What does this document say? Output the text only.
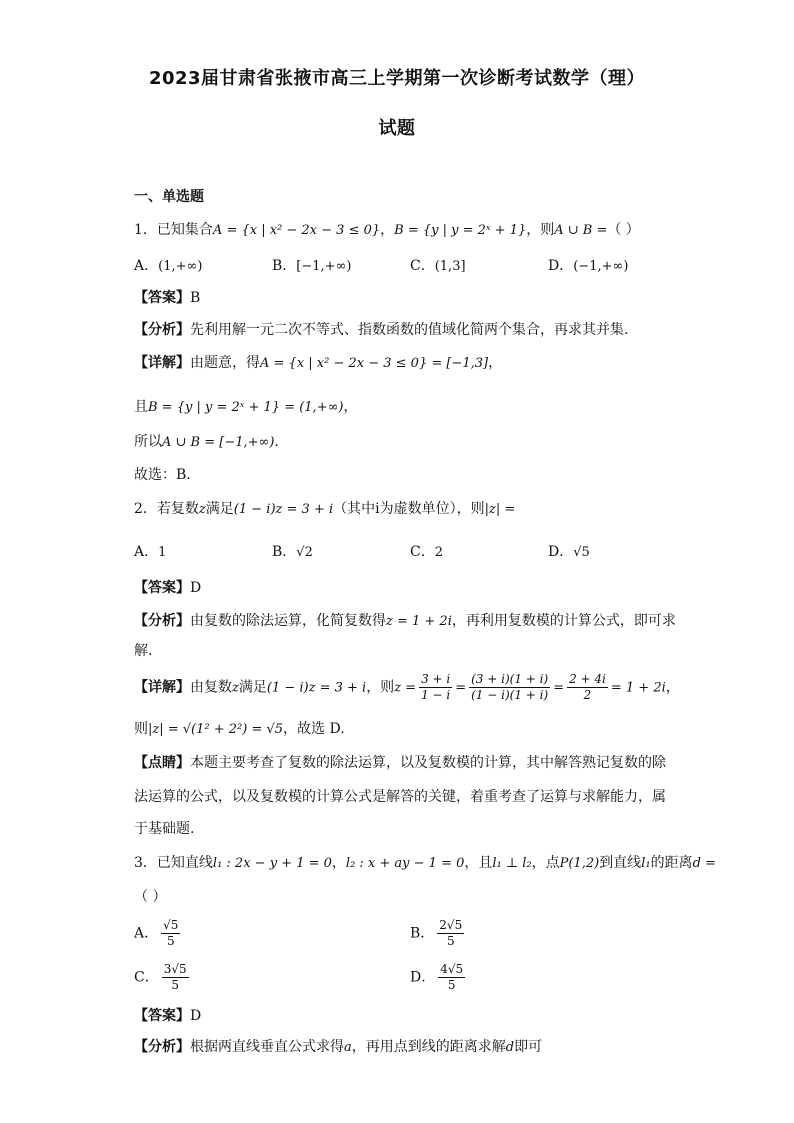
2023届甘肃省张掖市高三上学期第一次诊断考试数学（理）
试题
一、单选题
1．已知集合A = {x | x² − 2x − 3 ≤ 0}，B = {y | y = 2ˣ + 1}，则A ∪ B =（ ）
A．(1,+∞)	B．[−1,+∞)	C．(1,3]	D．(−1,+∞)
【答案】B
【分析】先利用解一元二次不等式、指数函数的值域化简两个集合，再求其并集.
【详解】由题意，得A = {x | x² − 2x − 3 ≤ 0} = [−1,3]，
且B = {y | y = 2ˣ + 1} = (1,+∞)，
所以A ∪ B = [−1,+∞).
故选：B.
2．若复数z满足(1 − i)z = 3 + i（其中i为虚数单位），则|z| =
A．1	B．√2	C．2	D．√5
【答案】D
【分析】由复数的除法运算，化简复数得z = 1 + 2i，再利用复数模的计算公式，即可求
解.
【详解】由复数z满足(1 − i)z = 3 + i，则$z = \frac{3 + i}{1 - i} = \frac{(3 + i)(1 + i)}{(1 - i)(1 + i)} = \frac{2 + 4i}{2} = 1 + 2i$，
则|z| = √(1² + 2²) = √5，故选 D.
【点睛】本题主要考查了复数的除法运算，以及复数模的计算，其中解答熟记复数的除
法运算的公式，以及复数模的计算公式是解答的关键，着重考查了运算与求解能力，属
于基础题.
3．已知直线l₁ : 2x − y + 1 = 0，l₂ : x + ay − 1 = 0，且l₁ ⊥ l₂，点P(1,2)到直线l₁的距离d =
（ ）
A． $\frac{√5}{5}$	B． $\frac{2√5}{5}$
C． $\frac{3√5}{5}$	D． $\frac{4√5}{5}$
【答案】D
【分析】根据两直线垂直公式求得a，再用点到线的距离求解d即可
